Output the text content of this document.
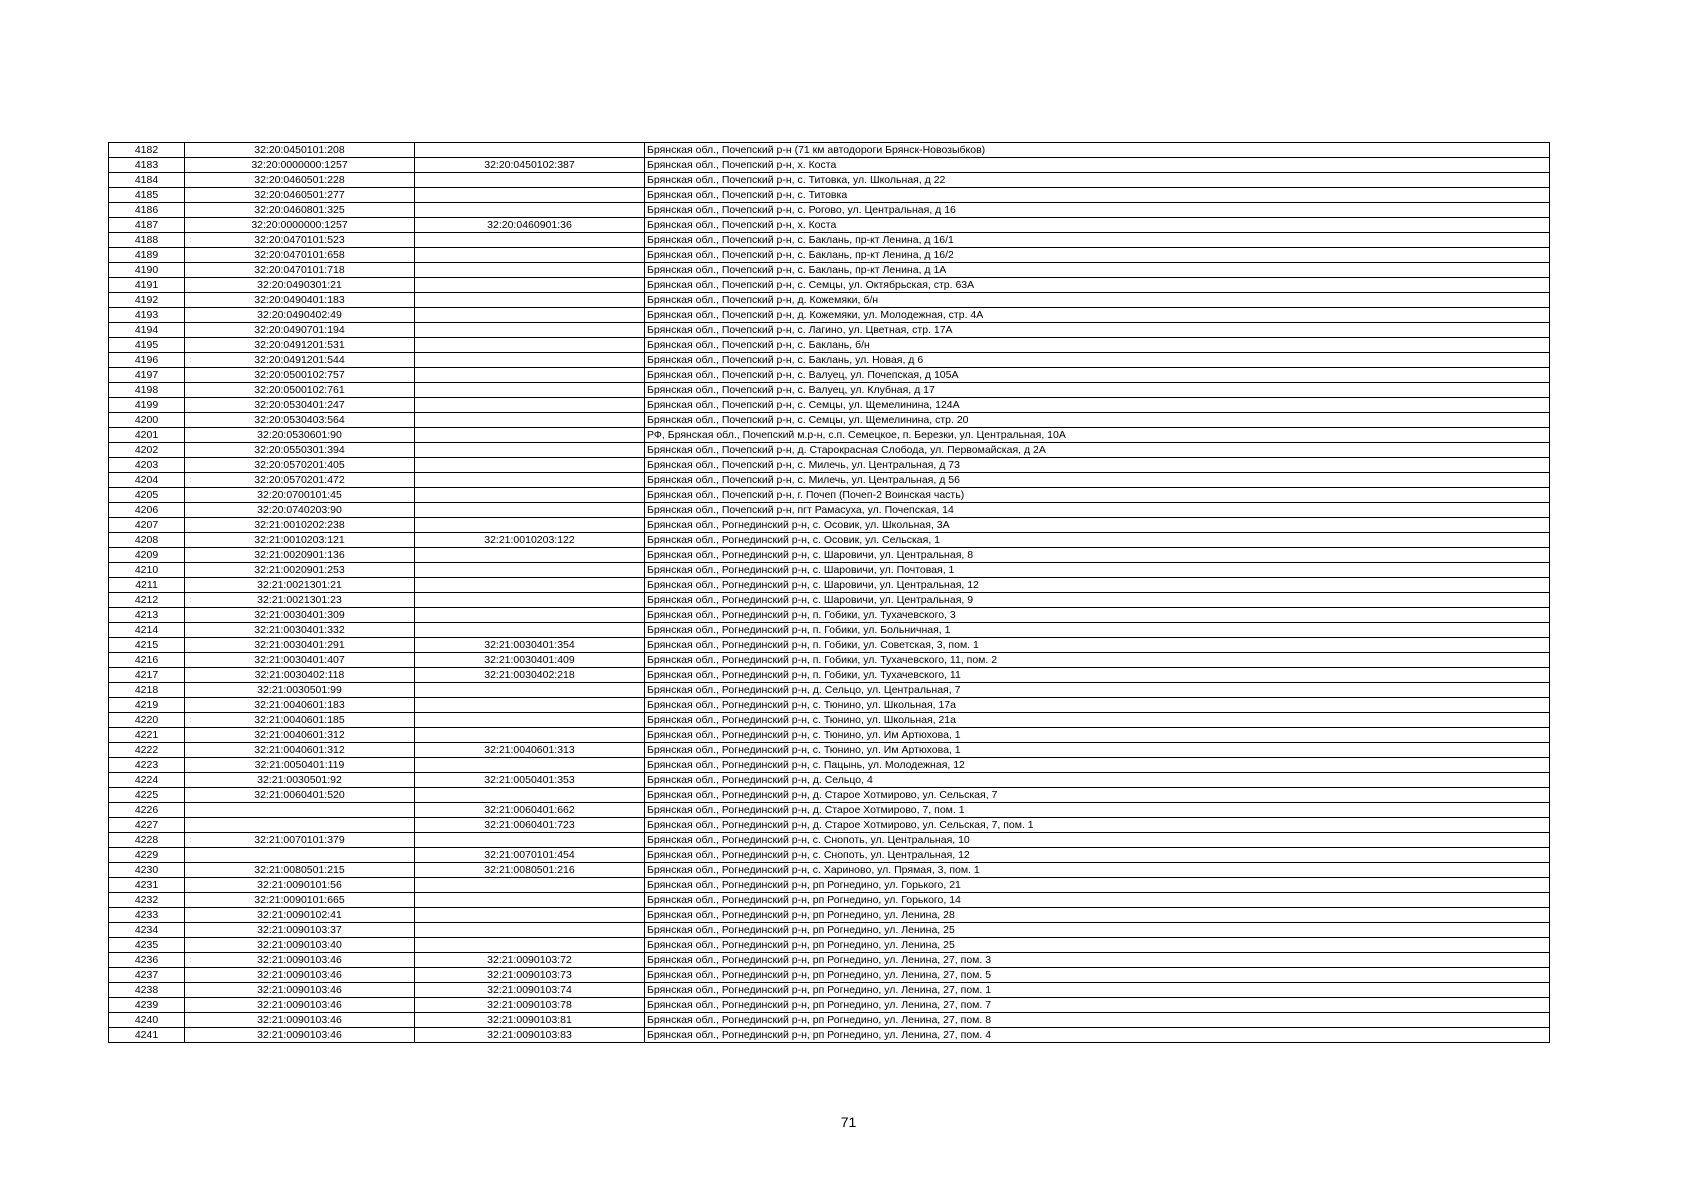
4182	32:20:0450101:208		Брянская обл., Почепский р-н (71 км автодороги Брянск-Новозыбков)
4183	32:20:0000000:1257	32:20:0450102:387	Брянская обл., Почепский р-н, х. Коста
4184	32:20:0460501:228		Брянская обл., Почепский р-н, с. Титовка, ул. Школьная, д 22
4185	32:20:0460501:277		Брянская обл., Почепский р-н, с. Титовка
4186	32:20:0460801:325		Брянская обл., Почепский р-н, с. Рогово, ул. Центральная, д 16
4187	32:20:0000000:1257	32:20:0460901:36	Брянская обл., Почепский р-н, х. Коста
4188	32:20:0470101:523		Брянская обл., Почепский р-н, с. Баклань, пр-кт Ленина, д 16/1
4189	32:20:0470101:658		Брянская обл., Почепский р-н, с. Баклань, пр-кт Ленина, д 16/2
4190	32:20:0470101:718		Брянская обл., Почепский р-н, с. Баклань, пр-кт Ленина, д 1А
4191	32:20:0490301:21		Брянская обл., Почепский р-н, с. Семцы, ул. Октябрьская, стр. 63А
4192	32:20:0490401:183		Брянская обл., Почепский р-н, д. Кожемяки, б/н
4193	32:20:0490402:49		Брянская обл., Почепский р-н, д. Кожемяки, ул. Молодежная, стр. 4А
4194	32:20:0490701:194		Брянская обл., Почепский р-н, с. Лагино, ул. Цветная, стр. 17А
4195	32:20:0491201:531		Брянская обл., Почепский р-н, с. Баклань, б/н
4196	32:20:0491201:544		Брянская обл., Почепский р-н, с. Баклань, ул. Новая, д 6
4197	32:20:0500102:757		Брянская обл., Почепский р-н, с. Валуец, ул. Почепская, д 105А
4198	32:20:0500102:761		Брянская обл., Почепский р-н, с. Валуец, ул. Клубная, д 17
4199	32:20:0530401:247		Брянская обл., Почепский р-н, с. Семцы, ул. Щемелинина, 124А
4200	32:20:0530403:564		Брянская обл., Почепский р-н, с. Семцы, ул. Щемелинина, стр. 20
4201	32:20:0530601:90		РФ, Брянская обл., Почепский м.р-н, с.п. Семецкое, п. Березки, ул. Центральная, 10А
4202	32:20:0550301:394		Брянская обл., Почепский р-н, д. Старокрасная Слобода, ул. Первомайская, д 2А
4203	32:20:0570201:405		Брянская обл., Почепский р-н, с. Милечь, ул. Центральная, д 73
4204	32:20:0570201:472		Брянская обл., Почепский р-н, с. Милечь, ул. Центральная, д 56
4205	32:20:0700101:45		Брянская обл., Почепский р-н, г. Почеп (Почеп-2 Воинская часть)
4206	32:20:0740203:90		Брянская обл., Почепский р-н, пгт Рамасуха, ул. Почепская, 14
4207	32:21:0010202:238		Брянская обл., Рогнединский р-н, с. Осовик, ул. Школьная, 3А
4208	32:21:0010203:121	32:21:0010203:122	Брянская обл., Рогнединский р-н, с. Осовик, ул. Сельская, 1
4209	32:21:0020901:136		Брянская обл., Рогнединский р-н, с. Шаровичи, ул. Центральная, 8
4210	32:21:0020901:253		Брянская обл., Рогнединский р-н, с. Шаровичи, ул. Почтовая, 1
4211	32:21:0021301:21		Брянская обл., Рогнединский р-н, с. Шаровичи, ул. Центральная, 12
4212	32:21:0021301:23		Брянская обл., Рогнединский р-н, с. Шаровичи, ул. Центральная, 9
4213	32:21:0030401:309		Брянская обл., Рогнединский р-н, п. Гобики, ул. Тухачевского, 3
4214	32:21:0030401:332		Брянская обл., Рогнединский р-н, п. Гобики, ул. Больничная, 1
4215	32:21:0030401:291	32:21:0030401:354	Брянская обл., Рогнединский р-н, п. Гобики, ул. Советская, 3, пом. 1
4216	32:21:0030401:407	32:21:0030401:409	Брянская обл., Рогнединский р-н, п. Гобики, ул. Тухачевского, 11, пом. 2
4217	32:21:0030402:118	32:21:0030402:218	Брянская обл., Рогнединский р-н, п. Гобики, ул. Тухачевского, 11
4218	32:21:0030501:99		Брянская обл., Рогнединский р-н, д. Сельцо, ул. Центральная, 7
4219	32:21:0040601:183		Брянская обл., Рогнединский р-н, с. Тюнино, ул. Школьная, 17а
4220	32:21:0040601:185		Брянская обл., Рогнединский р-н, с. Тюнино, ул. Школьная, 21а
4221	32:21:0040601:312		Брянская обл., Рогнединский р-н, с. Тюнино, ул. Им Артюхова, 1
4222	32:21:0040601:312	32:21:0040601:313	Брянская обл., Рогнединский р-н, с. Тюнино, ул. Им Артюхова, 1
4223	32:21:0050401:119		Брянская обл., Рогнединский р-н, с. Пацынь, ул. Молодежная, 12
4224	32:21:0030501:92	32:21:0050401:353	Брянская обл., Рогнединский р-н, д. Сельцо, 4
4225	32:21:0060401:520		Брянская обл., Рогнединский р-н, д. Старое Хотмирово, ул. Сельская, 7
4226		32:21:0060401:662	Брянская обл., Рогнединский р-н, д. Старое Хотмирово, 7, пом. 1
4227		32:21:0060401:723	Брянская обл., Рогнединский р-н, д. Старое Хотмирово, ул. Сельская, 7, пом. 1
4228	32:21:0070101:379		Брянская обл., Рогнединский р-н, с. Снопоть, ул. Центральная, 10
4229		32:21:0070101:454	Брянская обл., Рогнединский р-н, с. Снопоть, ул. Центральная, 12
4230	32:21:0080501:215	32:21:0080501:216	Брянская обл., Рогнединский р-н, с. Хариново, ул. Прямая, 3, пом. 1
4231	32:21:0090101:56		Брянская обл., Рогнединский р-н, рп Рогнедино, ул. Горького, 21
4232	32:21:0090101:665		Брянская обл., Рогнединский р-н, рп Рогнедино, ул. Горького, 14
4233	32:21:0090102:41		Брянская обл., Рогнединский р-н, рп Рогнедино, ул. Ленина, 28
4234	32:21:0090103:37		Брянская обл., Рогнединский р-н, рп Рогнедино, ул. Ленина, 25
4235	32:21:0090103:40		Брянская обл., Рогнединский р-н, рп Рогнедино, ул. Ленина, 25
4236	32:21:0090103:46	32:21:0090103:72	Брянская обл., Рогнединский р-н, рп Рогнедино, ул. Ленина, 27, пом. 3
4237	32:21:0090103:46	32:21:0090103:73	Брянская обл., Рогнединский р-н, рп Рогнедино, ул. Ленина, 27, пом. 5
4238	32:21:0090103:46	32:21:0090103:74	Брянская обл., Рогнединский р-н, рп Рогнедино, ул. Ленина, 27, пом. 1
4239	32:21:0090103:46	32:21:0090103:78	Брянская обл., Рогнединский р-н, рп Рогнедино, ул. Ленина, 27, пом. 7
4240	32:21:0090103:46	32:21:0090103:81	Брянская обл., Рогнединский р-н, рп Рогнедино, ул. Ленина, 27, пом. 8
4241	32:21:0090103:46	32:21:0090103:83	Брянская обл., Рогнединский р-н, рп Рогнедино, ул. Ленина, 27, пом. 4
71
